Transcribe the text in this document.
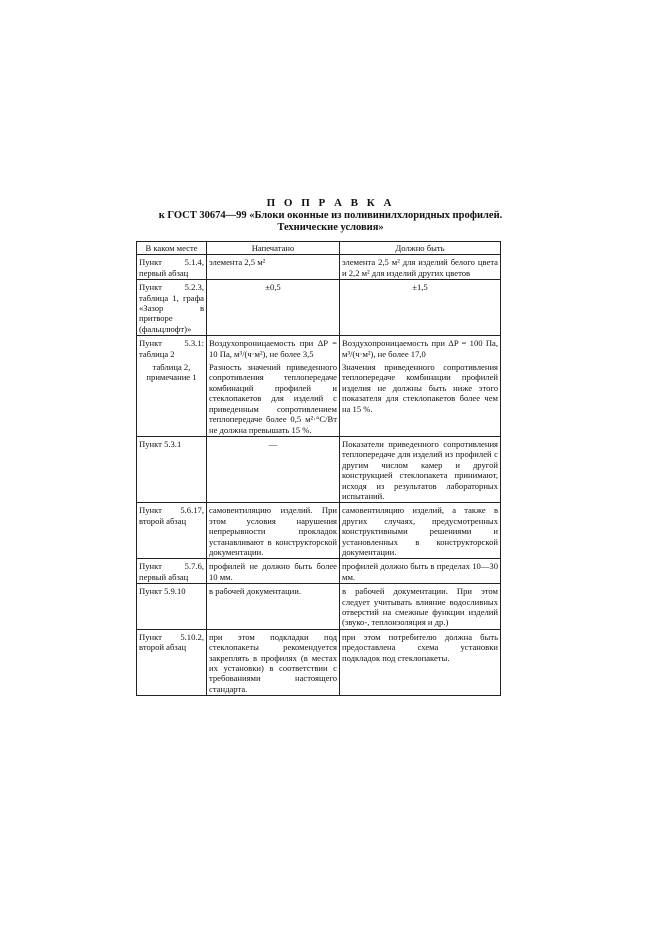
П О П Р А В К А
к ГОСТ 30674—99 «Блоки оконные из поливинилхлоридных профилей.
Технические условия»
В каком месте	Напечатано	Должно быть
Пункт 5.1.4, первый абзац	элемента 2,5 м²	элемента 2,5 м² для изделий белого цвета и 2,2 м² для изделий других цветов
Пункт 5.2.3, таблица 1, графа «Зазор в притворе (фальцлюфт)»	±0,5	±1,5
Пункт 5.3.1: таблица 2	Воздухопроницаемость при ΔP = 10 Па, м³/(ч·м²), не более 3,5	Воздухопроницаемость при ΔP = 100 Па, м³/(ч·м²), не более 17,0
таблица 2, примечание 1	Разность значений приведенного сопротивления теплопередаче комбинаций профилей и стеклопакетов для изделий с приведенным сопротивлением теплопередаче более 0,5 м²·°С/Вт не должна превышать 15 %.	Значения приведенного сопротивления теплопередаче комбинации профилей изделия не должны быть ниже этого показателя для стеклопакетов более чем на 15 %.
Пункт 5.3.1	—	Показатели приведенного сопротивления теплопередаче для изделий из профилей с другим числом камер и другой конструкцией стеклопакета принимают, исходя из результатов лабораторных испытаний.
Пункт 5.6.17, второй абзац	самовентиляцию изделий. При этом условия нарушения непрерывности прокладок устанавливают в конструкторской документации.	самовентиляцию изделий, а также в других случаях, предусмотренных конструктивными решениями и установленных в конструкторской документации.
Пункт 5.7.6, первый абзац	профилей не должно быть более 10 мм.	профилей должно быть в пределах 10—30 мм.
Пункт 5.9.10	в рабочей документации.	в рабочей документации. При этом следует учитывать влияние водосливных отверстий на смежные функции изделий (звуко-, теплоизоляция и др.)
Пункт 5.10.2, второй абзац	при этом подкладки под стеклопакеты рекомендуется закреплять в профилях (в местах их установки) в соответствии с требованиями настоящего стандарта.	при этом потребителю должна быть предоставлена схема установки подкладок под стеклопакеты.
